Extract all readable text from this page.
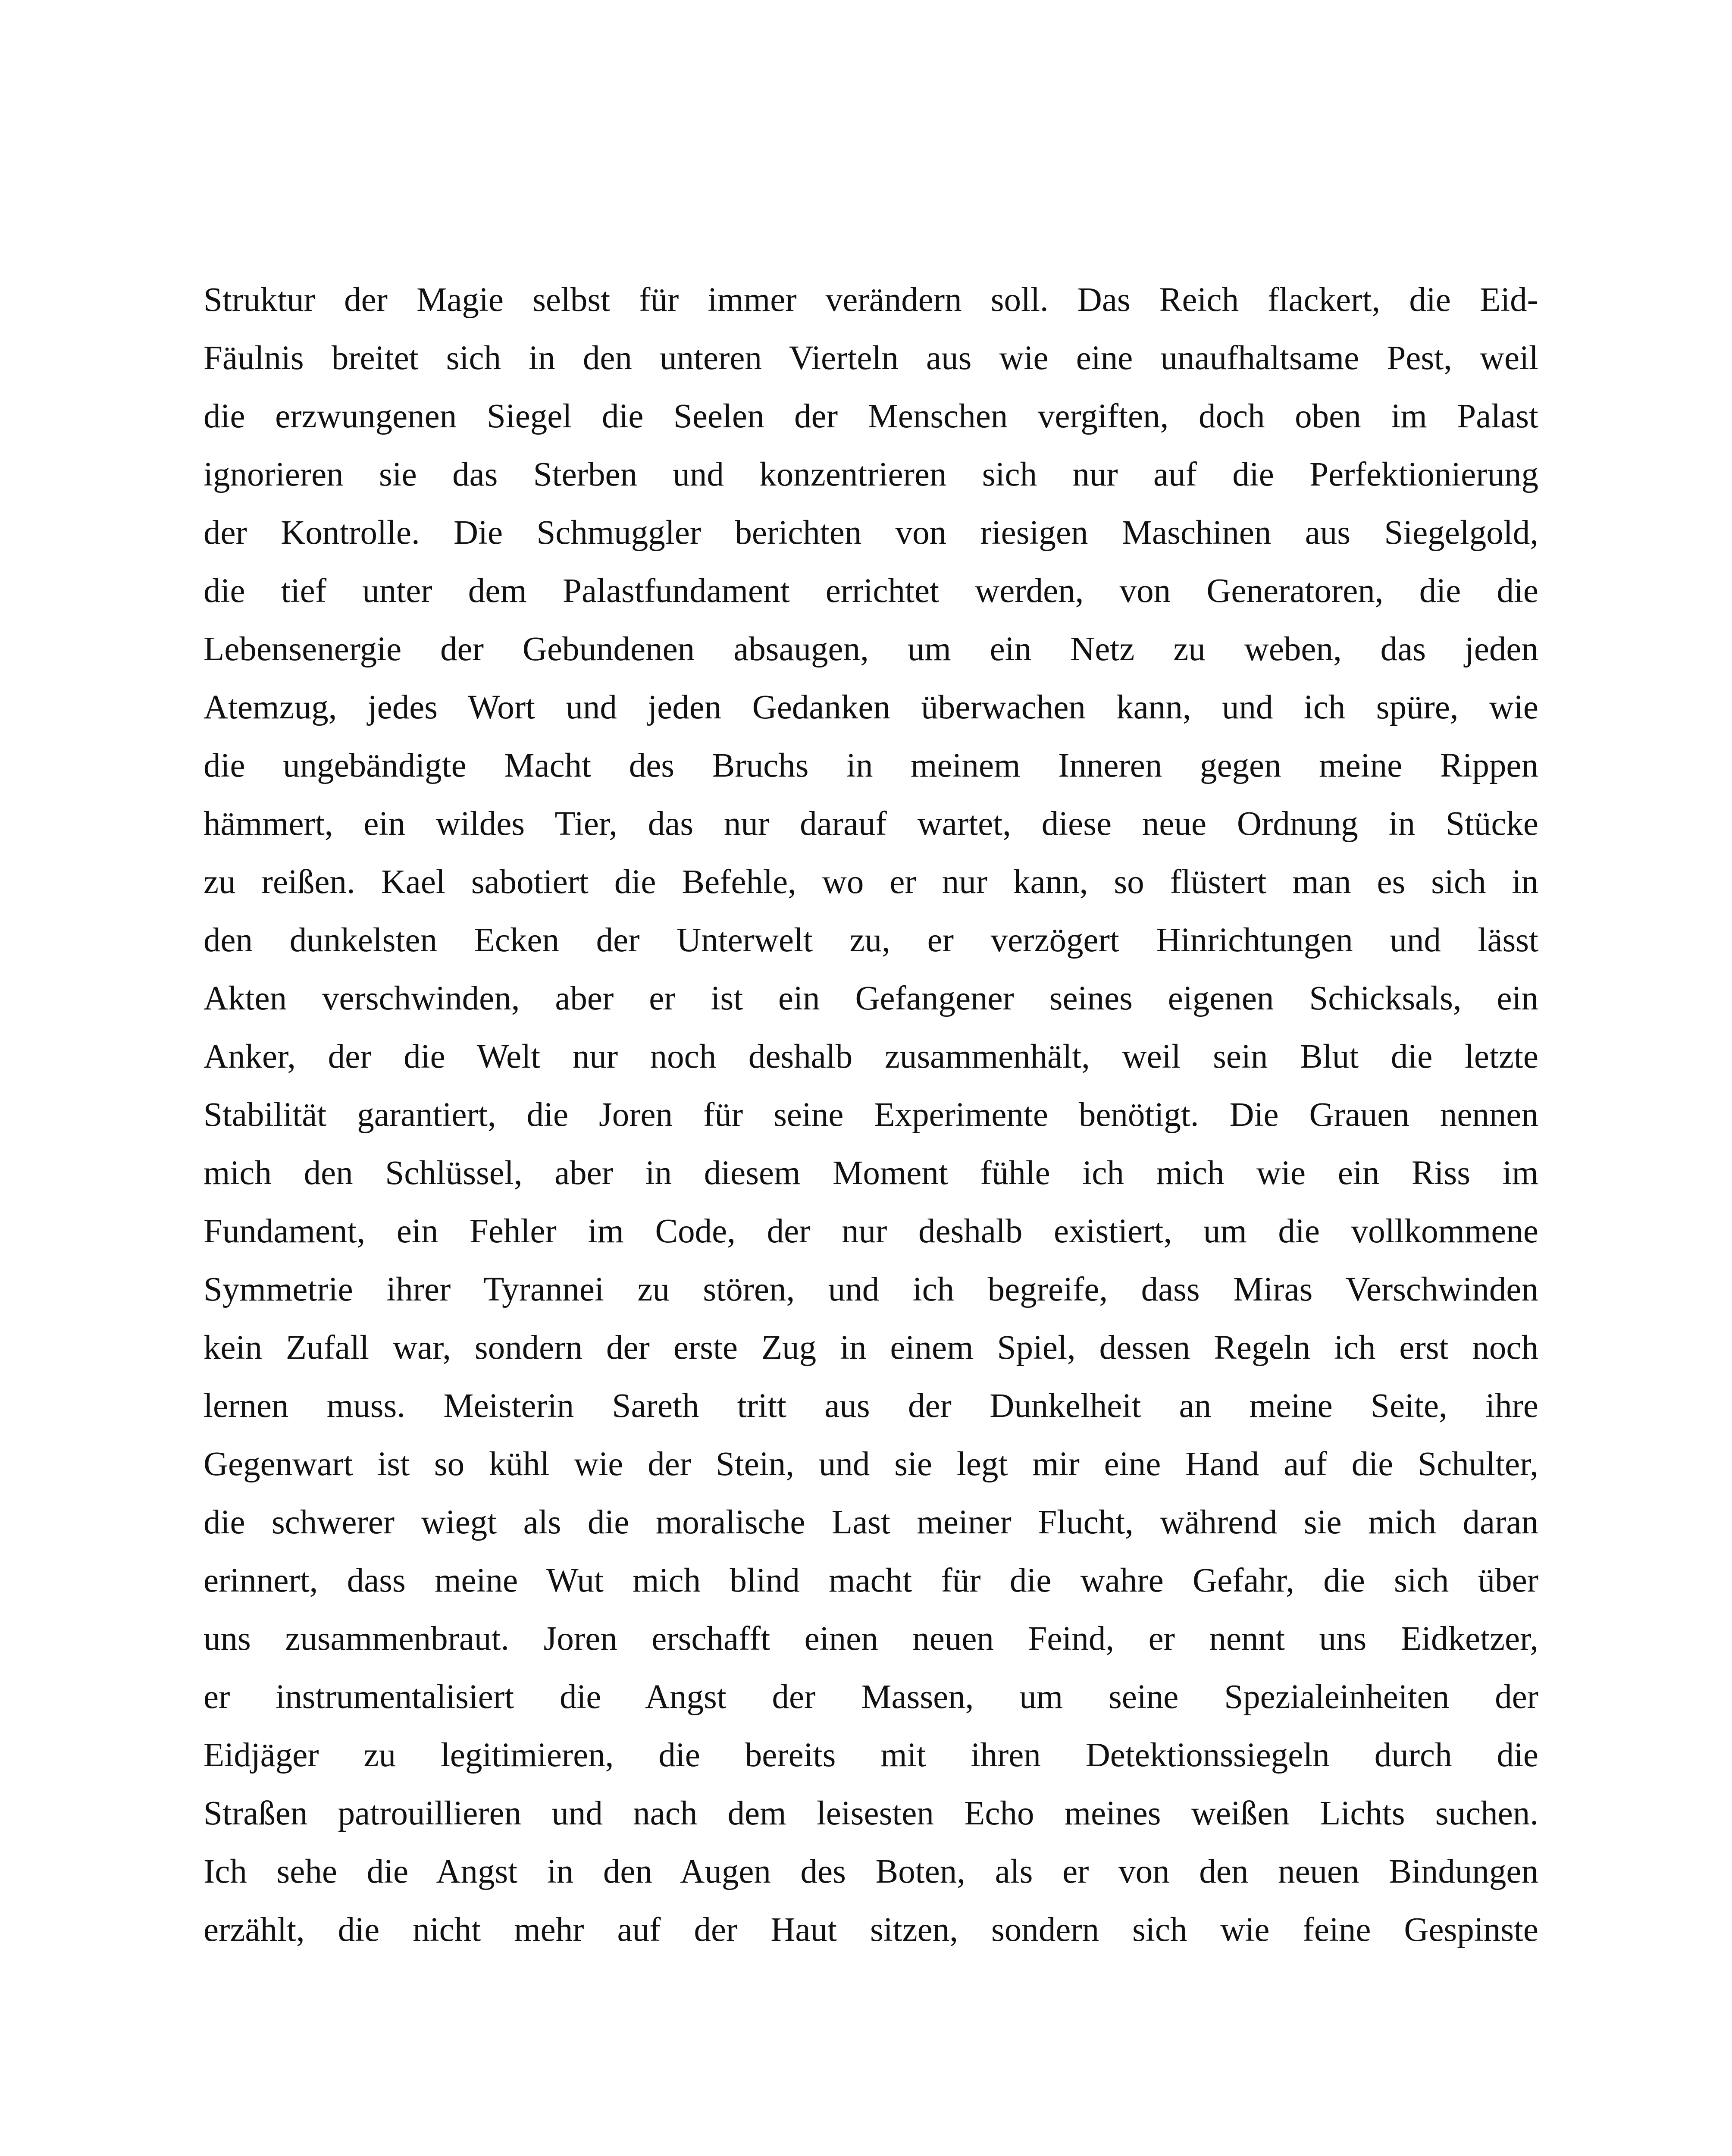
Struktur der Magie selbst für immer verändern soll. Das Reich flackert, die Eid-
Fäulnis breitet sich in den unteren Vierteln aus wie eine unaufhaltsame Pest, weil
die erzwungenen Siegel die Seelen der Menschen vergiften, doch oben im Palast
ignorieren sie das Sterben und konzentrieren sich nur auf die Perfektionierung
der Kontrolle. Die Schmuggler berichten von riesigen Maschinen aus Siegelgold,
die tief unter dem Palastfundament errichtet werden, von Generatoren, die die
Lebensenergie der Gebundenen absaugen, um ein Netz zu weben, das jeden
Atemzug, jedes Wort und jeden Gedanken überwachen kann, und ich spüre, wie
die ungebändigte Macht des Bruchs in meinem Inneren gegen meine Rippen
hämmert, ein wildes Tier, das nur darauf wartet, diese neue Ordnung in Stücke
zu reißen. Kael sabotiert die Befehle, wo er nur kann, so flüstert man es sich in
den dunkelsten Ecken der Unterwelt zu, er verzögert Hinrichtungen und lässt
Akten verschwinden, aber er ist ein Gefangener seines eigenen Schicksals, ein
Anker, der die Welt nur noch deshalb zusammenhält, weil sein Blut die letzte
Stabilität garantiert, die Joren für seine Experimente benötigt. Die Grauen nennen
mich den Schlüssel, aber in diesem Moment fühle ich mich wie ein Riss im
Fundament, ein Fehler im Code, der nur deshalb existiert, um die vollkommene
Symmetrie ihrer Tyrannei zu stören, und ich begreife, dass Miras Verschwinden
kein Zufall war, sondern der erste Zug in einem Spiel, dessen Regeln ich erst noch
lernen muss. Meisterin Sareth tritt aus der Dunkelheit an meine Seite, ihre
Gegenwart ist so kühl wie der Stein, und sie legt mir eine Hand auf die Schulter,
die schwerer wiegt als die moralische Last meiner Flucht, während sie mich daran
erinnert, dass meine Wut mich blind macht für die wahre Gefahr, die sich über
uns zusammenbraut. Joren erschafft einen neuen Feind, er nennt uns Eidketzer,
er instrumentalisiert die Angst der Massen, um seine Spezialeinheiten der
Eidjäger zu legitimieren, die bereits mit ihren Detektionssiegeln durch die
Straßen patrouillieren und nach dem leisesten Echo meines weißen Lichts suchen.
Ich sehe die Angst in den Augen des Boten, als er von den neuen Bindungen
erzählt, die nicht mehr auf der Haut sitzen, sondern sich wie feine Gespinste
